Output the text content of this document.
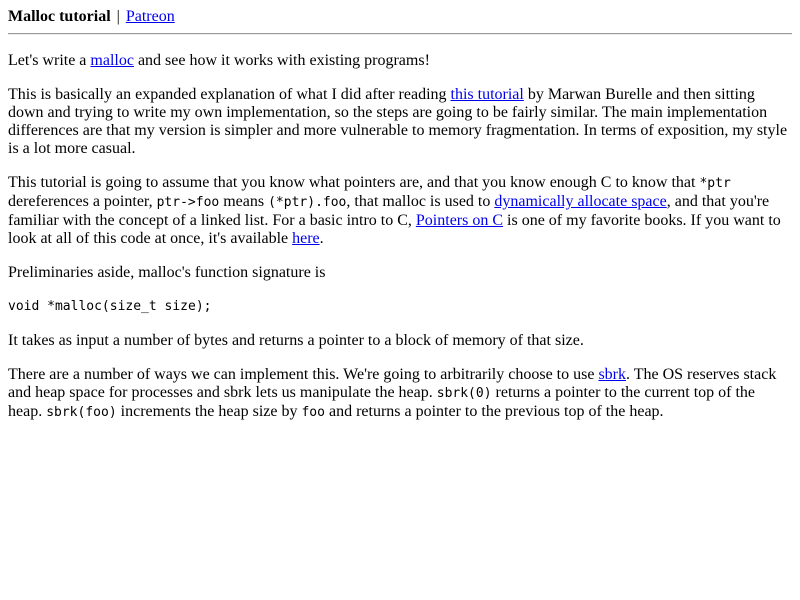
Malloc tutorial | Patreon

Let's write a malloc and see how it works with existing programs!

This is basically an expanded explanation of what I did after reading this tutorial by Marwan Burelle and then sitting down and trying to write my own implementation, so the steps are going to be fairly similar. The main implementation differences are that my version is simpler and more vulnerable to memory fragmentation. In terms of exposition, my style is a lot more casual.

This tutorial is going to assume that you know what pointers are, and that you know enough C to know that *ptr dereferences a pointer, ptr->foo means (*ptr).foo, that malloc is used to dynamically allocate space, and that you're familiar with the concept of a linked list. For a basic intro to C, Pointers on C is one of my favorite books. If you want to look at all of this code at once, it's available here.

Preliminaries aside, malloc's function signature is

void *malloc(size_t size);

It takes as input a number of bytes and returns a pointer to a block of memory of that size.

There are a number of ways we can implement this. We're going to arbitrarily choose to use sbrk. The OS reserves stack and heap space for processes and sbrk lets us manipulate the heap. sbrk(0) returns a pointer to the current top of the heap. sbrk(foo) increments the heap size by foo and returns a pointer to the previous top of the heap.
